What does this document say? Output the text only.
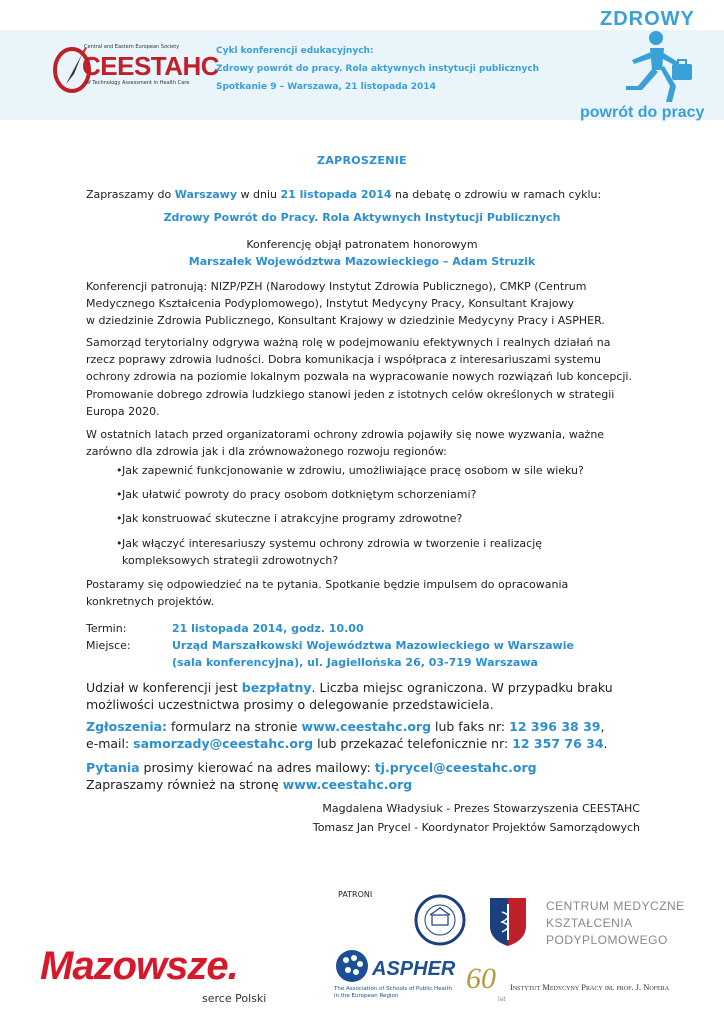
Central and Eastern European Society
CEESTAHC
of Technology Assessment in Health Care
Cykl konferencji edukacyjnych:
Zdrowy powrót do pracy. Rola aktywnych instytucji publicznych
Spotkanie 9 – Warszawa, 21 listopada 2014
ZDROWY
powrót do pracy
ZAPROSZENIE
Zapraszamy do Warszawy w dniu 21 listopada 2014 na debatę o zdrowiu w ramach cyklu:
Zdrowy Powrót do Pracy. Rola Aktywnych Instytucji Publicznych
Konferencję objął patronatem honorowym
Marszałek Województwa Mazowieckiego – Adam Struzik
Konferencji patronują: NIZP/PZH (Narodowy Instytut Zdrowia Publicznego), CMKP (Centrum
Medycznego Kształcenia Podyplomowego), Instytut Medycyny Pracy, Konsultant Krajowy
w dziedzinie Zdrowia Publicznego, Konsultant Krajowy w dziedzinie Medycyny Pracy i ASPHER.
Samorząd terytorialny odgrywa ważną rolę w podejmowaniu efektywnych i realnych działań na
rzecz poprawy zdrowia ludności. Dobra komunikacja i współpraca z interesariuszami systemu
ochrony zdrowia na poziomie lokalnym pozwala na wypracowanie nowych rozwiązań lub koncepcji.
Promowanie dobrego zdrowia ludzkiego stanowi jeden z istotnych celów określonych w strategii
Europa 2020.
W ostatnich latach przed organizatorami ochrony zdrowia pojawiły się nowe wyzwania, ważne
zarówno dla zdrowia jak i dla zrównoważonego rozwoju regionów:
• Jak zapewnić funkcjonowanie w zdrowiu, umożliwiające pracę osobom w sile wieku?
• Jak ułatwić powroty do pracy osobom dotkniętym schorzeniami?
• Jak konstruować skuteczne i atrakcyjne programy zdrowotne?
• Jak włączyć interesariuszy systemu ochrony zdrowia w tworzenie i realizację kompleksowych strategii zdrowotnych?
Postaramy się odpowiedzieć na te pytania. Spotkanie będzie impulsem do opracowania
konkretnych projektów.
Termin:	21 listopada 2014, godz. 10.00
Miejsce:	Urząd Marszałkowski Województwa Mazowieckiego w Warszawie
(sala konferencyjna), ul. Jagiellońska 26, 03-719 Warszawa
Udział w konferencji jest bezpłatny. Liczba miejsc ograniczona. W przypadku braku
możliwości uczestnictwa prosimy o delegowanie przedstawiciela.
Zgłoszenia: formularz na stronie www.ceestahc.org lub faks nr: 12 396 38 39,
e-mail: samorzady@ceestahc.org lub przekazać telefonicznie nr: 12 357 76 34.
Pytania prosimy kierować na adres mailowy: tj.prycel@ceestahc.org
Zapraszamy również na stronę www.ceestahc.org
Magdalena Władysiuk - Prezes Stowarzyszenia CEESTAHC
Tomasz Jan Prycel - Koordynator Projektów Samorządowych
PATRONI
Mazowsze.
serce Polski
CENTRUM MEDYCZNE
KSZTAŁCENIA
PODYPLOMOWEGO
ASPHER
The Association of Schools of Public Health
in the European Region
60
lat
Instytut Medycyny Pracy im. prof. J. Nofera
